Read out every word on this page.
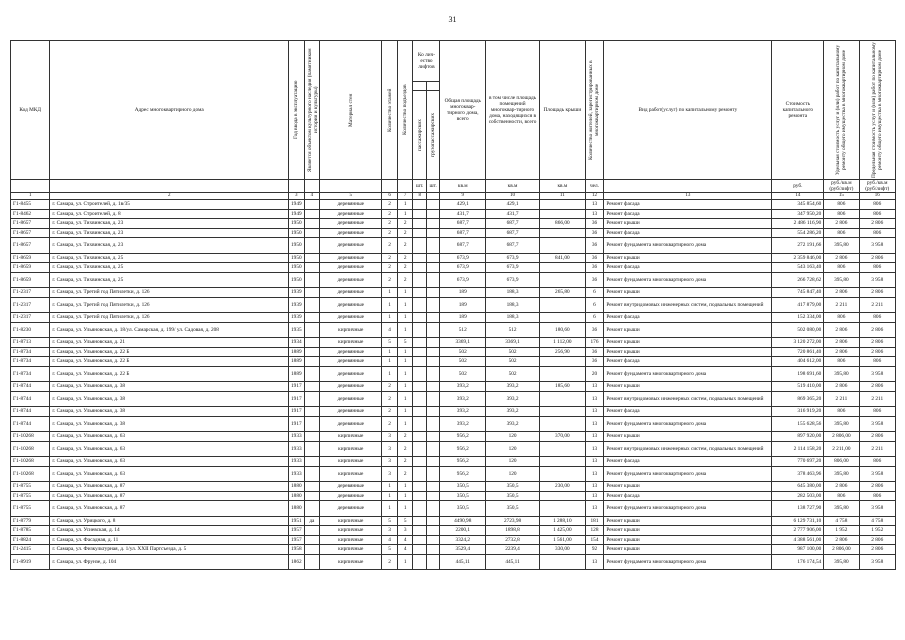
31
Код МКД	Адрес многоквартирного дома	Год ввода в эксплуатацию	Является объектом культурного наследия (памятником истории и культуры)	Материал стен	Количество этажей	Количество подъездов	Ко лич-ество лифтов		Общая площадь многоквар-тирного дома, всего	в том числе площадь помещений многоквар-тирного дома, находящихся в собственности, всего	Площадь крыши	Количество жителей, зарегистрированных в многоквартирном доме	Вид работ(услуг) по капитальному ремонту	Стоимость капитального ремонта	Удельная стоимость услуг и (или) работ по капитальному ремонту общего имущества в многоквартирном доме	Предельная стоимость услуг и (или) работ по капитальному ремонту общего имущества в многоквартирном доме

							пассажирских	грузопассажирских								

							шт.	шт.	кв.м	кв.м	кв.м	чел.		руб.	руб./кв.м (руб/лифт)	руб./кв.м (руб/лифт)
1	2	3	4	5	6	7	8		9	10	11	12	13	14	15	16
Г1-8455	г. Самара, ул. Строителей, д. 1в/35	1949		деревянные	2	1			429,1	429,1		13	Ремонт фасада	345 854,60	806	806
Г1-8462	г. Самара, ул. Строителей, д. 8	1949		деревянные	2	1			431,7	431,7		13	Ремонт фасада	347 950,20	806	806
Г1-8657	г. Самара, ул. Тихвинская, д. 23	1950		деревянные	2	2			687,7	687,7	866,00	36	Ремонт крыши	2 486 116,90	2 806	2 806
Г1-8657	г. Самара, ул. Тихвинская, д. 23	1950		деревянные	2	2			687,7	687,7		36	Ремонт фасада	554 286,20	806	806
Г1-8657	г. Самара, ул. Тихвинская, д. 23	1950		деревянные	2	2			687,7	687,7		36	Ремонт фундамента многоквартирного дома	272 191,66	395,80	3 958
Г1-8659	г. Самара, ул. Тихвинская, д. 25	1950		деревянные	2	2			673,9	673,9	841,00	36	Ремонт крыши	2 359 846,00	2 806	2 806
Г1-8659	г. Самара, ул. Тихвинская, д. 25	1950		деревянные	2	2			673,9	673,9		36	Ремонт фасада	543 163,40	806	806
Г1-8659	г. Самара, ул. Тихвинская, д. 25	1950		деревянные	2	2			673,9	673,9		36	Ремонт фундамента многоквартирного дома	266 728,62	395,80	3 958
Г1-2317	г. Самара, ул. Третий год Пятилетки, д. 126	1939		деревянные	1	1			189	188,3	265,80	6	Ремонт крыши	745 847,40	2 806	2 806
Г1-2317	г. Самара, ул. Третий год Пятилетки, д. 126	1939		деревянные	1	1			189	188,3		6	Ремонт внутридомовых инженерных систем, подвальных помещений	417 879,00	2 211	2 211
Г1-2317	г. Самара, ул. Третий год Пятилетки, д. 126	1939		деревянные	1	1			189	188,3		6	Ремонт фасада	152 334,00	806	806
Г1-8230	г. Самара, ул. Ульяновская, д. 18/ул. Самарская, д. 199/ ул. Садовая, д. 208	1935		кирпичные	4	1			512	512	180,60	36	Ремонт крыши	502 080,00	2 806	2 806
Г1-8713	г. Самара, ул. Ульяновская, д. 21	1934		кирпичные	5	5			3369,1	3369,1	1 112,00	176	Ремонт крыши	3 120 272,00	2 806	2 806
Г1-8734	г. Самара, ул. Ульяновская, д. 22 Б	1889		деревянные	1	1			502	502	256,90	36	Ремонт крыши	720 861,40	2 806	2 806
Г1-8734	г. Самара, ул. Ульяновская, д. 22 Б	1889		деревянные	1	1			502	502		36	Ремонт фасада	404 612,00	806	806
Г1-8734	г. Самара, ул. Ульяновская, д. 22 Б	1889		деревянные	1	1			502	502		20	Ремонт фундамента многоквартирного дома	198 691,60	395,80	3 958
Г1-8744	г. Самара, ул. Ульяновская, д. 38	1917		деревянные	2	1			393,2	393,2	185,60	13	Ремонт крыши	519 410,00	2 806	2 806
Г1-8744	г. Самара, ул. Ульяновская, д. 38	1917		деревянные	2	1			393,2	393,2		13	Ремонт внутридомовых инженерных систем, подвальных помещений	869 365,20	2 211	2 211
Г1-8744	г. Самара, ул. Ульяновская, д. 38	1917		деревянные	2	1			393,2	393,2		13	Ремонт фасада	316 919,20	806	806
Г1-8744	г. Самара, ул. Ульяновская, д. 38	1917		деревянные	2	1			393,2	393,2		13	Ремонт фундамента многоквартирного дома	155 628,56	395,80	3 958
Г1-10268	г. Самара, ул. Ульяновская, д. 63	1933		кирпичные	3	2			956,2	120	370,00	13	Ремонт крыши	897 920,00	2 806,00	2 806
Г1-10268	г. Самара, ул. Ульяновская, д. 63	1933		кирпичные	3	2			956,2	120		13	Ремонт внутридомовых инженерных систем, подвальных помещений	2 114 158,20	2 211,00	2 211
Г1-10268	г. Самара, ул. Ульяновская, д. 63	1933		кирпичные	3	2			956,2	120		13	Ремонт фасада	770 697,20	806,00	806
Г1-10268	г. Самара, ул. Ульяновская, д. 63	1933		кирпичные	3	2			956,2	120		13	Ремонт фундамента многоквартирного дома	378 463,96	395,80	3 958
Г1-8755	г. Самара, ул. Ульяновская, д. 87	1880		деревянные	1	1			350,5	350,5	230,00	13	Ремонт крыши	645 380,00	2 806	2 806
Г1-8755	г. Самара, ул. Ульяновская, д. 87	1880		деревянные	1	1			350,5	350,5		13	Ремонт фасада	282 503,00	806	806
Г1-8755	г. Самара, ул. Ульяновская, д. 87	1880		деревянные	1	1			350,5	350,5		13	Ремонт фундамента многоквартирного дома	138 727,90	395,80	3 958
Г1-8779	г. Самара, ул. Урицкого, д. 8	1951	да	кирпичные	5	5			4490,98	2723,98	1 288,10	181	Ремонт крыши	6 129 731,10	4 758	4 758
Г1-8785	г. Самара, ул. Усиевская, д. 14	1957		кирпичные	3	3			2200,1	1898,8	1 425,00	128	Ремонт крыши	2 777 906,00	1 952	1 952
Г1-8824	г. Самара, ул. Фасадная, д. 11	1957		кирпичные	4	4			3324,2	2732,8	1 561,00	154	Ремонт крыши	4 388 561,00	2 806	2 806
Г1-2415	г. Самара, ул. Физкультурная, д. 1/ул. XXII Партсъезда, д. 5	1958		кирпичные	5	4			3529,4	2239,4	330,00	92	Ремонт крыши	987 100,00	2 806,00	2 806
Г1-8919	г. Самара, ул. Фрунзе, д. 104	1862		кирпичные	2	1			445,11	445,11		13	Ремонт фундамента многоквартирного дома	176 174,54	395,80	3 958
